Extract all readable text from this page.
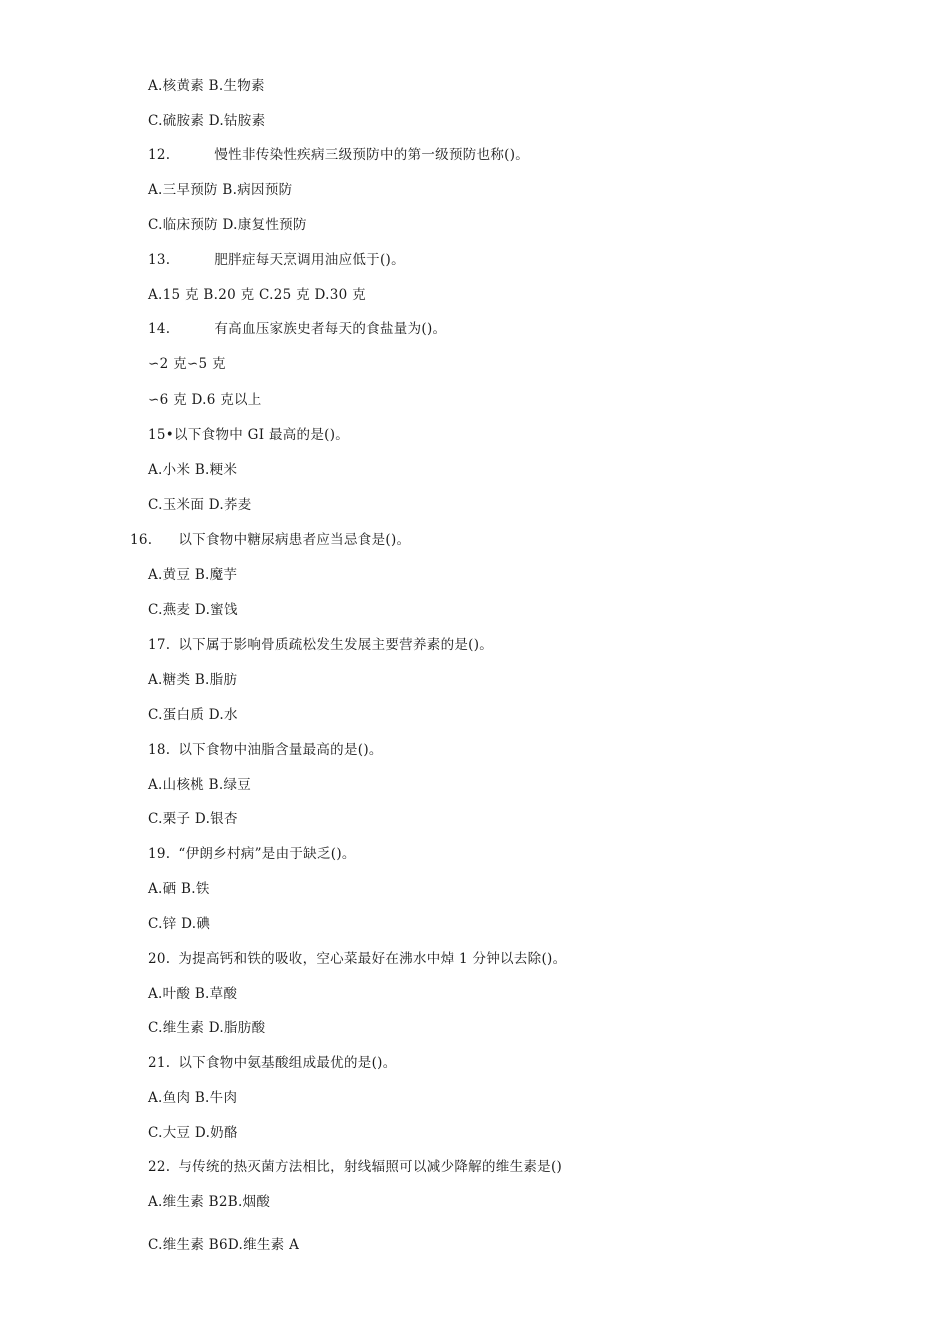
A.核黄素 B.生物素
C.硫胺素 D.钴胺素
12.	慢性非传染性疾病三级预防中的第一级预防也称()。
A.三早预防 B.病因预防
C.临床预防 D.康复性预防
13.	肥胖症每天烹调用油应低于()。
A.15 克 B.20 克 C.25 克 D.30 克
14.	有高血压家族史者每天的食盐量为()。
∽2 克∽5 克
∽6 克 D.6 克以上
15•以下食物中 GI 最高的是()。
A.小米 B.粳米
C.玉米面 D.荞麦
16. 以下食物中糖尿病患者应当忌食是()。
A.黄豆 B.魔芋
C.燕麦 D.蜜饯
17. 以下属于影响骨质疏松发生发展主要营养素的是()。
A.糖类 B.脂肪
C.蛋白质 D.水
18. 以下食物中油脂含量最高的是()。
A.山核桃 B.绿豆
C.栗子 D.银杏
19. “伊朗乡村病”是由于缺乏()。
A.硒 B.铁
C.锌 D.碘
20. 为提高钙和铁的吸收，空心菜最好在沸水中焯 1 分钟以去除()。
A.叶酸 B.草酸
C.维生素 D.脂肪酸
21. 以下食物中氨基酸组成最优的是()。
A.鱼肉 B.牛肉
C.大豆 D.奶酪
22. 与传统的热灭菌方法相比，射线辐照可以减少降解的维生素是()
A.维生素 B2B.烟酸
C.维生素 B6D.维生素 A
